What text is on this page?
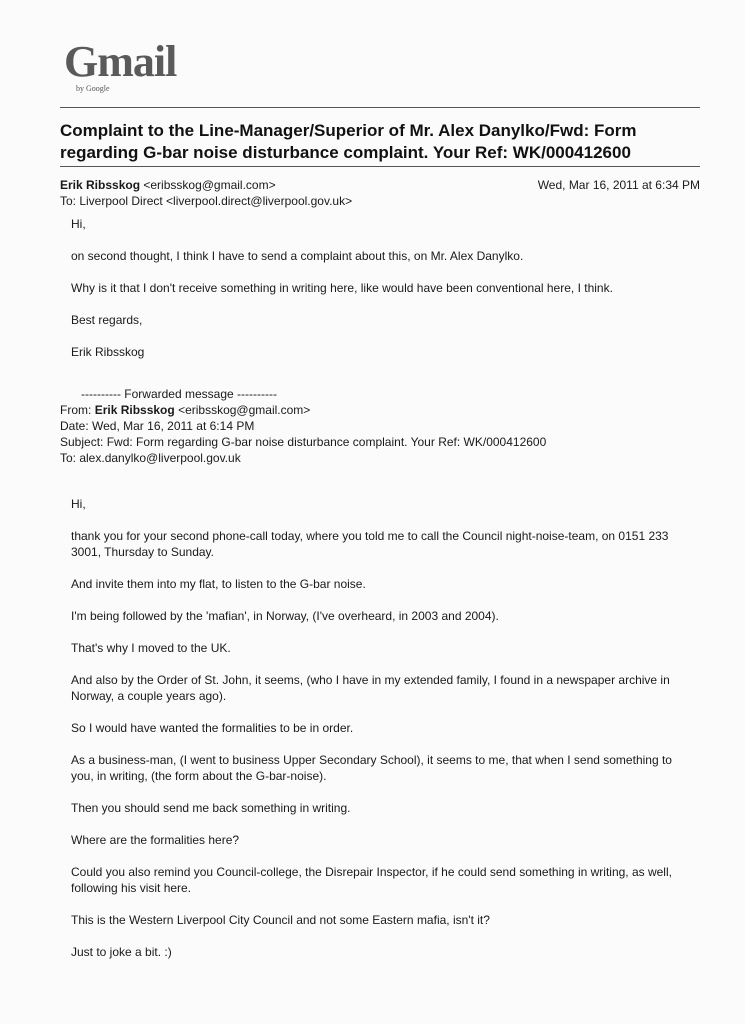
Gmail
by Google
Complaint to the Line-Manager/Superior of Mr. Alex Danylko/Fwd: Form regarding G-bar noise disturbance complaint. Your Ref: WK/000412600
Erik Ribsskog <eribsskog@gmail.com>
To: Liverpool Direct <liverpool.direct@liverpool.gov.uk>
Wed, Mar 16, 2011 at 6:34 PM

Hi,

on second thought, I think I have to send a complaint about this, on Mr. Alex Danylko.

Why is it that I don't receive something in writing here, like would have been conventional here, I think.

Best regards,

Erik Ribsskog

---------- Forwarded message ----------
From: Erik Ribsskog <eribsskog@gmail.com>
Date: Wed, Mar 16, 2011 at 6:14 PM
Subject: Fwd: Form regarding G-bar noise disturbance complaint. Your Ref: WK/000412600
To: alex.danylko@liverpool.gov.uk

Hi,

thank you for your second phone-call today, where you told me to call the Council night-noise-team, on 0151 233 3001, Thursday to Sunday.

And invite them into my flat, to listen to the G-bar noise.

I'm being followed by the 'mafian', in Norway, (I've overheard, in 2003 and 2004).

That's why I moved to the UK.

And also by the Order of St. John, it seems, (who I have in my extended family, I found in a newspaper archive in Norway, a couple years ago).

So I would have wanted the formalities to be in order.

As a business-man, (I went to business Upper Secondary School), it seems to me, that when I send something to you, in writing, (the form about the G-bar-noise).

Then you should send me back something in writing.

Where are the formalities here?

Could you also remind you Council-college, the Disrepair Inspector, if he could send something in writing, as well, following his visit here.

This is the Western Liverpool City Council and not some Eastern mafia, isn't it?

Just to joke a bit. :)
